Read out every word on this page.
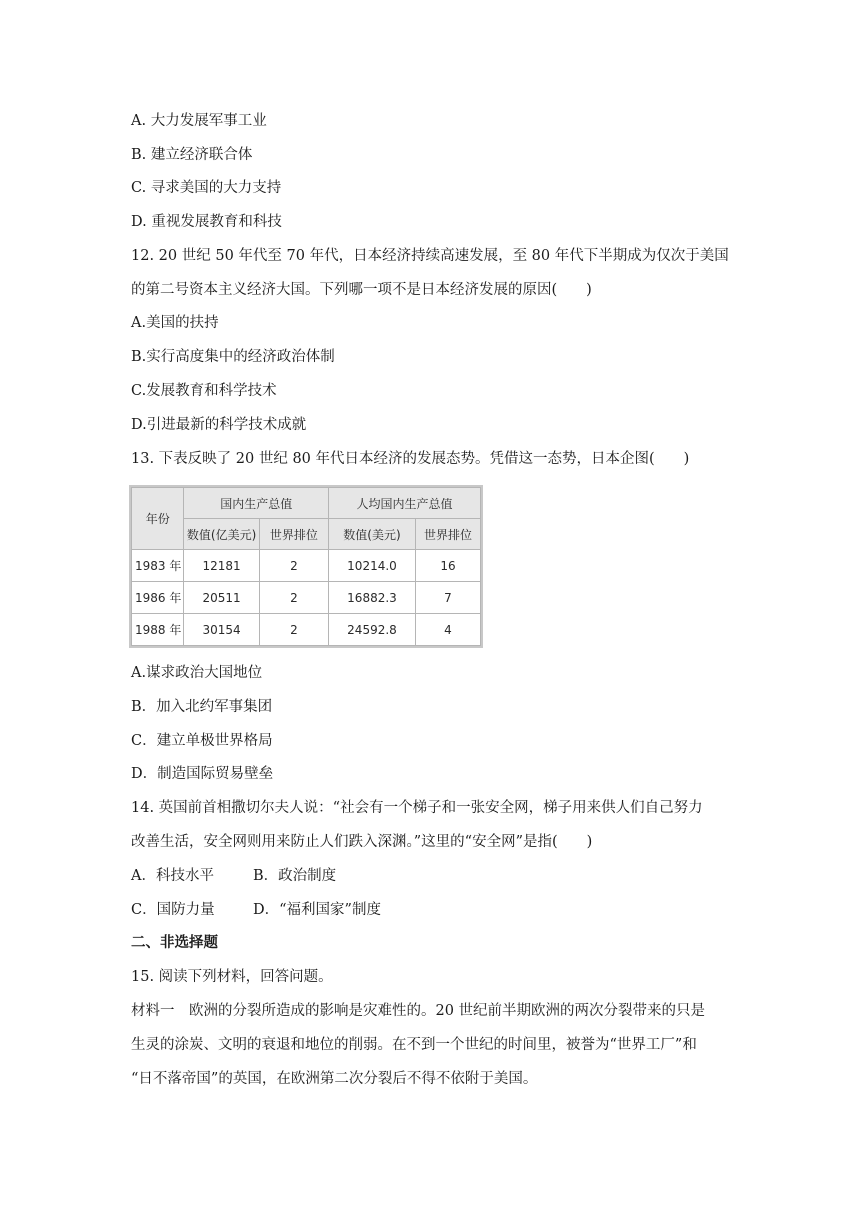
A. 大力发展军事工业
B. 建立经济联合体
C. 寻求美国的大力支持
D. 重视发展教育和科技
12. 20 世纪 50 年代至 70 年代，日本经济持续高速发展，至 80 年代下半期成为仅次于美国
的第二号资本主义经济大国。下列哪一项不是日本经济发展的原因(　　)
A.美国的扶持
B.实行高度集中的经济政治体制
C.发展教育和科学技术
D.引进最新的科学技术成就
13. 下表反映了 20 世纪 80 年代日本经济的发展态势。凭借这一态势，日本企图(　　)
年份	国内生产总值		人均国内生产总值	
	数值(亿美元)	世界排位	数值(美元)	世界排位
1983 年	12181	2	10214.0	16
1986 年	20511	2	16882.3	7
1988 年	30154	2	24592.8	4
A.谋求政治大国地位
B．加入北约军事集团
C．建立单极世界格局
D．制造国际贸易壁垒
14. 英国前首相撒切尔夫人说：“社会有一个梯子和一张安全网，梯子用来供人们自己努力
改善生活，安全网则用来防止人们跌入深渊。”这里的“安全网”是指(　　)
A．科技水平	B．政治制度
C．国防力量	D．“福利国家”制度
二、非选择题
15. 阅读下列材料，回答问题。
材料一　欧洲的分裂所造成的影响是灾难性的。20 世纪前半期欧洲的两次分裂带来的只是
生灵的涂炭、文明的衰退和地位的削弱。在不到一个世纪的时间里，被誉为“世界工厂”和
“日不落帝国”的英国，在欧洲第二次分裂后不得不依附于美国。
